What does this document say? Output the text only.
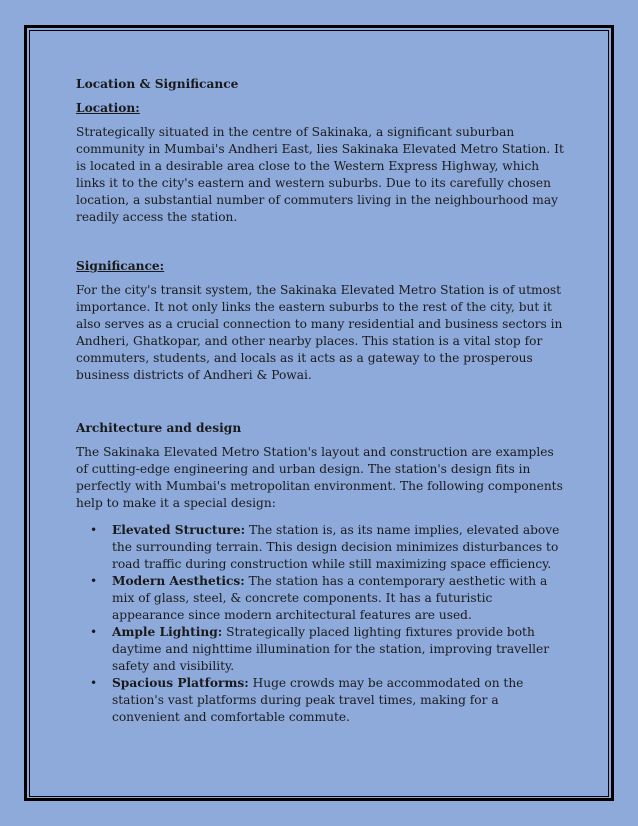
Location & Significance
Location:

Strategically situated in the centre of Sakinaka, a significant suburban community in Mumbai's Andheri East, lies Sakinaka Elevated Metro Station. It is located in a desirable area close to the Western Express Highway, which links it to the city's eastern and western suburbs. Due to its carefully chosen location, a substantial number of commuters living in the neighbourhood may readily access the station.

Significance:

For the city's transit system, the Sakinaka Elevated Metro Station is of utmost importance. It not only links the eastern suburbs to the rest of the city, but it also serves as a crucial connection to many residential and business sectors in Andheri, Ghatkopar, and other nearby places. This station is a vital stop for commuters, students, and locals as it acts as a gateway to the prosperous business districts of Andheri & Powai.

Architecture and design

The Sakinaka Elevated Metro Station's layout and construction are examples of cutting-edge engineering and urban design. The station's design fits in perfectly with Mumbai's metropolitan environment. The following components help to make it a special design:

• Elevated Structure: The station is, as its name implies, elevated above the surrounding terrain. This design decision minimizes disturbances to road traffic during construction while still maximizing space efficiency.
• Modern Aesthetics: The station has a contemporary aesthetic with a mix of glass, steel, & concrete components. It has a futuristic appearance since modern architectural features are used.
• Ample Lighting: Strategically placed lighting fixtures provide both daytime and nighttime illumination for the station, improving traveller safety and visibility.
• Spacious Platforms: Huge crowds may be accommodated on the station's vast platforms during peak travel times, making for a convenient and comfortable commute.
